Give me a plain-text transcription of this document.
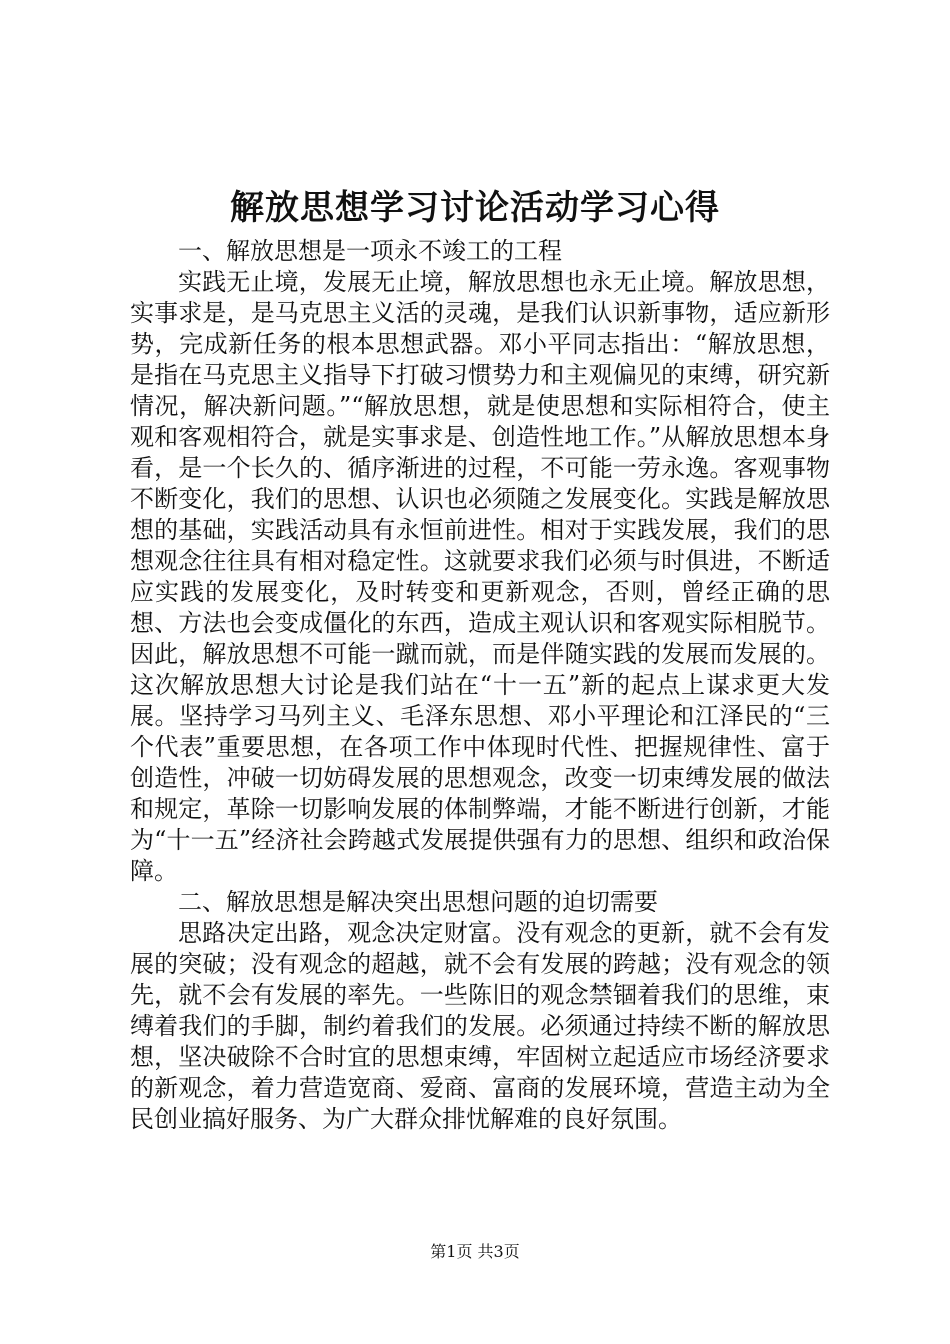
解放思想学习讨论活动学习心得
一、解放思想是一项永不竣工的工程

实践无止境，发展无止境，解放思想也永无止境。解放思想，实事求是，是马克思主义活的灵魂，是我们认识新事物，适应新形势，完成新任务的根本思想武器。邓小平同志指出：“解放思想，是指在马克思主义指导下打破习惯势力和主观偏见的束缚，研究新情况，解决新问题。”“解放思想，就是使思想和实际相符合，使主观和客观相符合，就是实事求是、创造性地工作。”从解放思想本身看，是一个长久的、循序渐进的过程，不可能一劳永逸。客观事物不断变化，我们的思想、认识也必须随之发展变化。实践是解放思想的基础，实践活动具有永恒前进性。相对于实践发展，我们的思想观念往往具有相对稳定性。这就要求我们必须与时俱进，不断适应实践的发展变化，及时转变和更新观念，否则，曾经正确的思想、方法也会变成僵化的东西，造成主观认识和客观实际相脱节。因此，解放思想不可能一蹴而就，而是伴随实践的发展而发展的。这次解放思想大讨论是我们站在“十一五”新的起点上谋求更大发展。坚持学习马列主义、毛泽东思想、邓小平理论和江泽民的“三个代表”重要思想，在各项工作中体现时代性、把握规律性、富于创造性，冲破一切妨碍发展的思想观念，改变一切束缚发展的做法和规定，革除一切影响发展的体制弊端，才能不断进行创新，才能为“十一五”经济社会跨越式发展提供强有力的思想、组织和政治保障。

二、解放思想是解决突出思想问题的迫切需要

思路决定出路，观念决定财富。没有观念的更新，就不会有发展的突破；没有观念的超越，就不会有发展的跨越；没有观念的领先，就不会有发展的率先。一些陈旧的观念禁锢着我们的思维，束缚着我们的手脚，制约着我们的发展。必须通过持续不断的解放思想，坚决破除不合时宜的思想束缚，牢固树立起适应市场经济要求的新观念，着力营造宽商、爱商、富商的发展环境，营造主动为全民创业搞好服务、为广大群众排忧解难的良好氛围。

第1页 共3页
